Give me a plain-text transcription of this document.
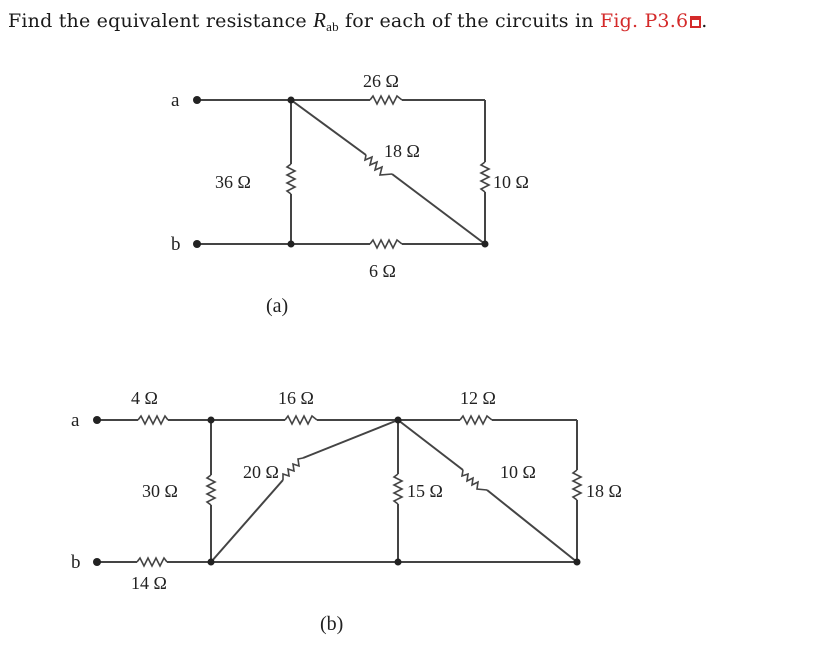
Find the equivalent resistance $R_{ab}$ for each of the circuits in Fig. P3.6 .
a
b
26 Ω
18 Ω
36 Ω	10 Ω
6 Ω
(a)
a
b
4 Ω	16 Ω	12 Ω
30 Ω
20 Ω
15 Ω
10 Ω
18 Ω
14 Ω
(b)
